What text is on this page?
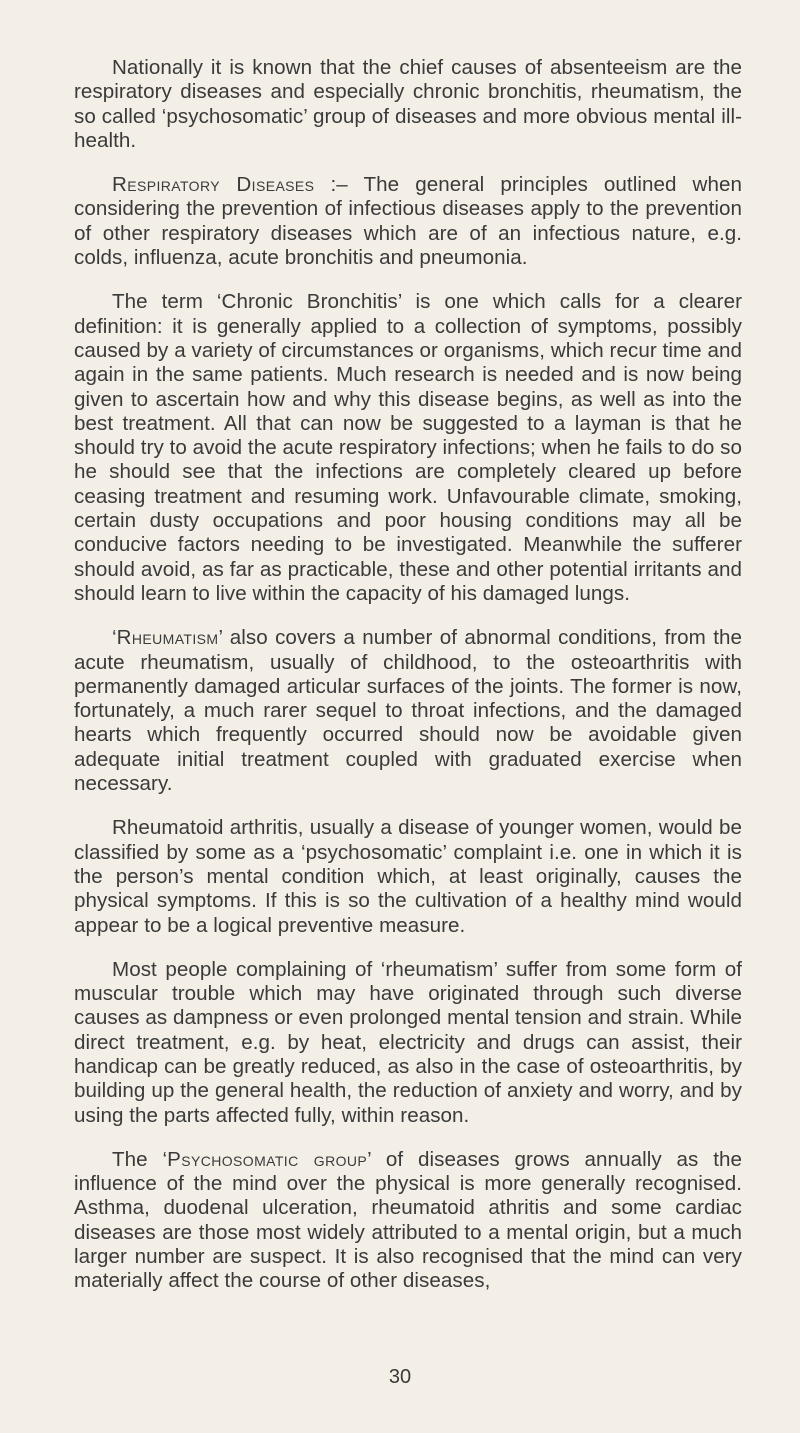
Nationally it is known that the chief causes of absenteeism are the respiratory diseases and especially chronic bronchitis, rheumatism, the so called ‘psychosomatic’ group of diseases and more obvious mental ill-health.

Respiratory Diseases :– The general principles outlined when considering the prevention of infectious diseases apply to the prevention of other respiratory diseases which are of an infectious nature, e.g. colds, influenza, acute bronchitis and pneumonia.

The term ‘Chronic Bronchitis’ is one which calls for a clearer definition: it is generally applied to a collection of symptoms, possibly caused by a variety of circumstances or organisms, which recur time and again in the same patients. Much research is needed and is now being given to ascertain how and why this disease begins, as well as into the best treatment. All that can now be suggested to a layman is that he should try to avoid the acute respiratory infections; when he fails to do so he should see that the infections are completely cleared up before ceasing treatment and resuming work. Unfavourable climate, smoking, certain dusty occupations and poor housing conditions may all be conducive factors needing to be investigated. Meanwhile the sufferer should avoid, as far as practicable, these and other potential irritants and should learn to live within the capacity of his damaged lungs.

‘Rheumatism’ also covers a number of abnormal conditions, from the acute rheumatism, usually of childhood, to the osteoarthritis with permanently damaged articular surfaces of the joints. The former is now, fortunately, a much rarer sequel to throat infections, and the damaged hearts which frequently occurred should now be avoidable given adequate initial treatment coupled with graduated exercise when necessary.

Rheumatoid arthritis, usually a disease of younger women, would be classified by some as a ‘psychosomatic’ complaint i.e. one in which it is the person’s mental condition which, at least originally, causes the physical symptoms. If this is so the cultivation of a healthy mind would appear to be a logical preventive measure.

Most people complaining of ‘rheumatism’ suffer from some form of muscular trouble which may have originated through such diverse causes as dampness or even prolonged mental tension and strain. While direct treatment, e.g. by heat, electricity and drugs can assist, their handicap can be greatly reduced, as also in the case of osteoarthritis, by building up the general health, the reduction of anxiety and worry, and by using the parts affected fully, within reason.

The ‘Psychosomatic group’ of diseases grows annually as the influence of the mind over the physical is more generally recognised. Asthma, duodenal ulceration, rheumatoid athritis and some cardiac diseases are those most widely attributed to a mental origin, but a much larger number are suspect. It is also recognised that the mind can very materially affect the course of other diseases,

30
